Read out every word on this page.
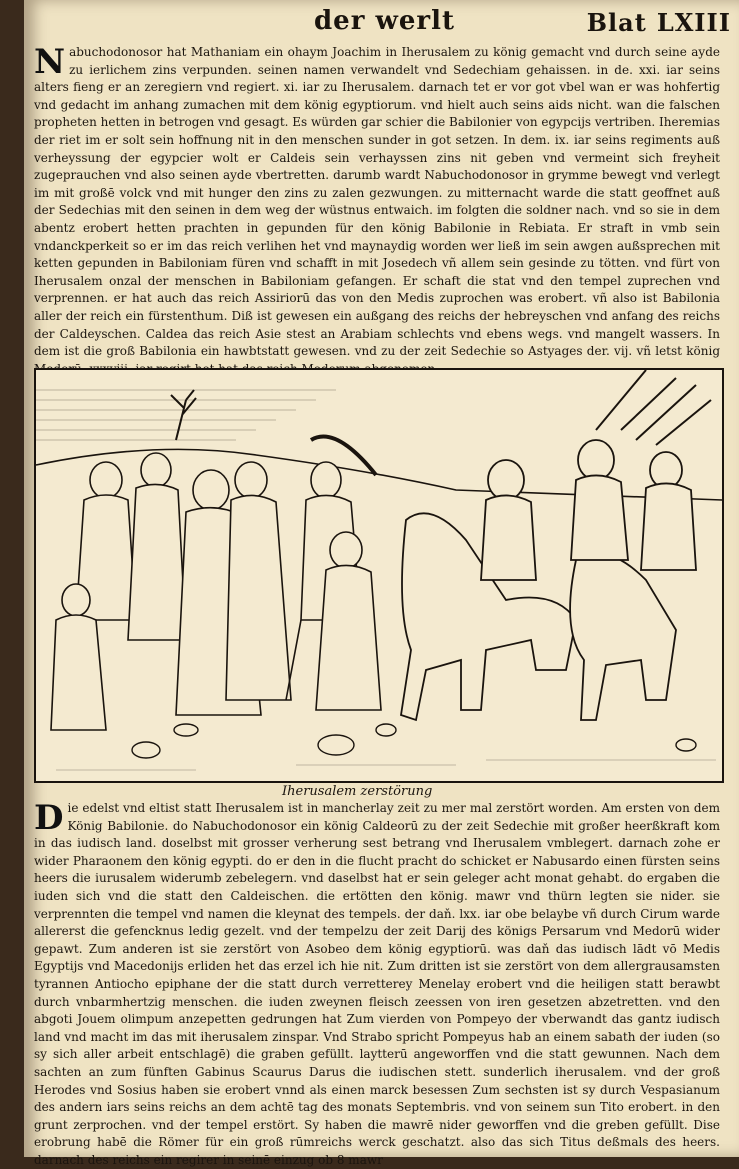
der werlt	Blat LXIII
Nabuchodonosor hat Mathaniam ein ohaym Joachim in Iherusalem zu könig gemacht vnd durch seine ayde zu ierlichem zins verpunden. seinen namen verwandelt vnd Sedechiam gehaissen. in de. xxi. iar seins alters fieng er an zeregiern vnd regiert. xi. iar zu Iherusalem. darnach tet er vor got vbel wan er was hohfertig vnd gedacht im anhang zumachen mit dem könig egyptiorum. vnd hielt auch seins aids nicht. wan die falschen propheten hetten in betrogen vnd gesagt. Es würden gar schier die Babilonier von egypcijs vertriben. Iheremias der riet im er solt sein hoffnung nit in den menschen sunder in got setzen. In dem. ix. iar seins regiments auß verheyssung der egypcier wolt er Caldeis sein verhayssen zins nit geben vnd vermeint sich freyheit zugeprauchen vnd also seinen ayde vbertretten. darumb wardt Nabuchodonosor in grymme bewegt vnd verlegt im mit großē volck vnd mit hunger den zins zu zalen gezwungen. zu mitternacht warde die statt geoffnet auß der Sedechias mit den seinen in dem weg der wüstnus entwaich. im folgten die soldner nach. vnd so sie in dem abentz erobert hetten prachten in gepunden für den könig Babilonie in Rebiata. Er straft in vmb sein vndanckperkeit so er im das reich verlihen het vnd maynaydig worden wer ließ im sein awgen außsprechen mit ketten gepunden in Babiloniam füren vnd schafft in mit Josedech vñ allem sein gesinde zu tötten. vnd fürt von Iherusalem onzal der menschen in Babiloniam gefangen. Er schaft die stat vnd den tempel zuprechen vnd verprennen. er hat auch das reich Assiriorū das von den Medis zuprochen was erobert. vñ also ist Babilonia aller der reich ein fürstenthum. Diß ist gewesen ein außgang des reichs der hebreyschen vnd anfang des reichs der Caldeyschen. Caldea das reich Asie stest an Arabiam schlechts vnd ebens wegs. vnd mangelt wassers. In dem ist die groß Babilonia ein hawbtstatt gewesen. vnd zu der zeit Sedechie so Astyages der. vij. vñ letst könig
Iherusalem zerstörung
Die edelst vnd eltist statt Iherusalem ist in mancherlay zeit zu mer mal zerstört worden. Am ersten von dem König Babilonie. do Nabuchodonosor ein könig Caldeorū zu der zeit Sedechie mit großer heerßkraft kom in das iudisch land. doselbst mit grosser verherung sest betrang vnd Iherusalem vmblegert. darnach zohe er wider Pharaonem den könig egypti. do er den in die flucht pracht do schicket er Nabusardo einen fürsten seins heers die iurusalem widerumb zebelegern. vnd daselbst hat er sein geleger acht monat gehabt. do ergaben die iuden sich vnd die statt den Caldeischen. die ertötten den könig. mawr vnd thürn legten sie nider. sie verprennten die tempel vnd namen die kleynat des tempels. der daň. lxx. iar obe belaybe vñ durch Cirum warde allererst die gefencknus ledig gezelt. vnd der tempelzu der zeit Darij des königs Persarum vnd Medorū wider gepawt. Zum anderen ist sie zerstört von Asobeo dem könig egyptiorū. was daň das iudisch lādt vō Medis Egyptijs vnd Macedonijs erliden het das erzel ich hie nit. Zum dritten ist sie zerstört von dem allergrausamsten tyrannen Antiocho epiphane der die statt durch verretterey Menelay erobert vnd die heiligen statt berawbt durch vnbarmhertzig menschen. die iuden zweynen fleisch zeessen von iren gesetzen abzetretten. vnd den abgoti Jouem olimpum anzepetten gedrungen hat Zum vierden von Pompeyo der vberwandt das gantz iudisch land vnd macht im das mit iherusalem zinspar. Vnd Strabo spricht Pompeyus hab an einem sabath der iuden (so sy sich aller arbeit entschlagē) die graben gefüllt. laytterū angeworffen vnd die statt gewunnen. Nach dem sachten an zum fünften Gabinus Scaurus Darus die iudischen stett. sunderlich iherusalem. vnd der groß Herodes vnd Sosius haben sie erobert vnnd als einen marck besessen Zum sechsten ist sy durch Vespasianum des andern iars seins reichs an dem achtē tag des monats Septembris. vnd von seinem sun Tito erobert. in den grunt zerprochen. vnd der tempel erstört. Sy haben die mawrē nider geworffen vnd die greben gefüllt. Dise erobrung habē die Römer für ein groß rūmreichs werck geschatzt. also das sich Titus deßmals des heers. darnach des reichs ein regirer in seinē einzug ob 8 mawr
